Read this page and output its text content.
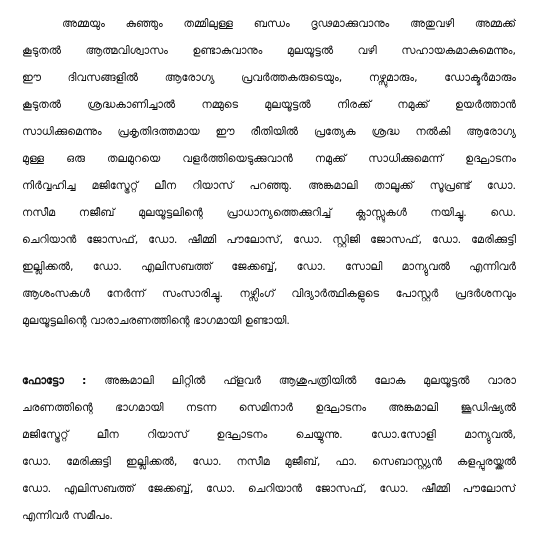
അമ്മയും കുഞ്ഞും തമ്മിലുള്ള ബന്ധം ദൃഢമാക്കുവാനും അതുവഴി അമ്മക്ക്
കൂടുതൽ ആത്മവിശ്വാസം ഉണ്ടാകുവാനും മുലയൂട്ടൽ വഴി സഹായകമാകുമെന്നും,
ഈ ദിവസങ്ങളിൽ ആരോഗ്യ പ്രവർത്തകരുടെയും, നഴ്സുമാരും, ഡോക്ടർമാരും
കൂടുതൽ ശ്രദ്ധകാണിച്ചാൽ നമ്മുടെ മുലയൂട്ടൽ നിരക്ക് നമുക്ക് ഉയർത്താൻ
സാധിക്കുമെന്നും പ്രകൃതിദത്തമായ ഈ രീതിയിൽ പ്രത്യേക ശ്രദ്ധ നൽകി ആരോഗ്യ
മുള്ള ഒരു തലമുറയെ വളർത്തിയെടുക്കുവാൻ നമുക്ക് സാധിക്കുമെന്ന് ഉദ്ഘാടനം
നിർവ്വഹിച്ച മജിസ്ട്രേറ്റ് ലീന റിയാസ് പറഞ്ഞു. അങ്കമാലി താലൂക്ക് സൂപ്രണ്ട് ഡോ.
നസീമ നജീബ് മുലയൂട്ടലിന്റെ പ്രാധാന്യത്തെക്കുറിച്ച് ക്ലാസ്സുകൾ നയിച്ചു. ഡെ.
ചെറിയാൻ ജോസഫ്, ഡോ. ഷീമ്മി പൗലോസ്, ഡോ. സ്റ്റിജി ജോസഫ്, ഡോ. മേരിക്കുട്ടി
ഇല്ലിക്കൽ, ഡോ. എലിസബത്ത് ജേക്കബ്ബ്, ഡോ. സോലി മാന്യുവൽ എന്നിവർ
ആശംസകൾ നേർന്ന് സംസാരിച്ചു. നഴ്സിംഗ് വിദ്യാർത്ഥികളുടെ പോസ്റ്റർ പ്രദർശനവും
മുലയൂട്ടലിന്റെ വാരാചരണത്തിന്റെ ഭാഗമായി ഉണ്ടായി.
ഫോട്ടോ : അങ്കമാലി ലിറ്റിൽ ഫ്ളവർ ആശുപത്രിയിൽ ലോക മുലയൂട്ടൽ വാരാ
ചരണത്തിന്റെ ഭാഗമായി നടന്ന സെമിനാർ ഉദ്ഘാടനം അങ്കമാലി ജൂഡിഷ്യൽ
മജിസ്ട്രേറ്റ് ലീന റിയാസ് ഉദ്ഘാടനം ചെയ്യുന്നു. ഡോ.സോളി മാന്യുവൽ,
ഡോ. മേരിക്കുട്ടി ഇല്ലിക്കൽ, ഡോ. നസീമ മുജീബ്, ഫാ. സെബാസ്റ്റ്യൻ കളപ്പുരയ്ക്കൽ
ഡോ. എലിസബത്ത് ജേക്കബ്ബ്, ഡോ. ചെറിയാൻ ജോസഫ്, ഡോ. ഷീമ്മി പൗലോസ്
എന്നിവർ സമീപം.
